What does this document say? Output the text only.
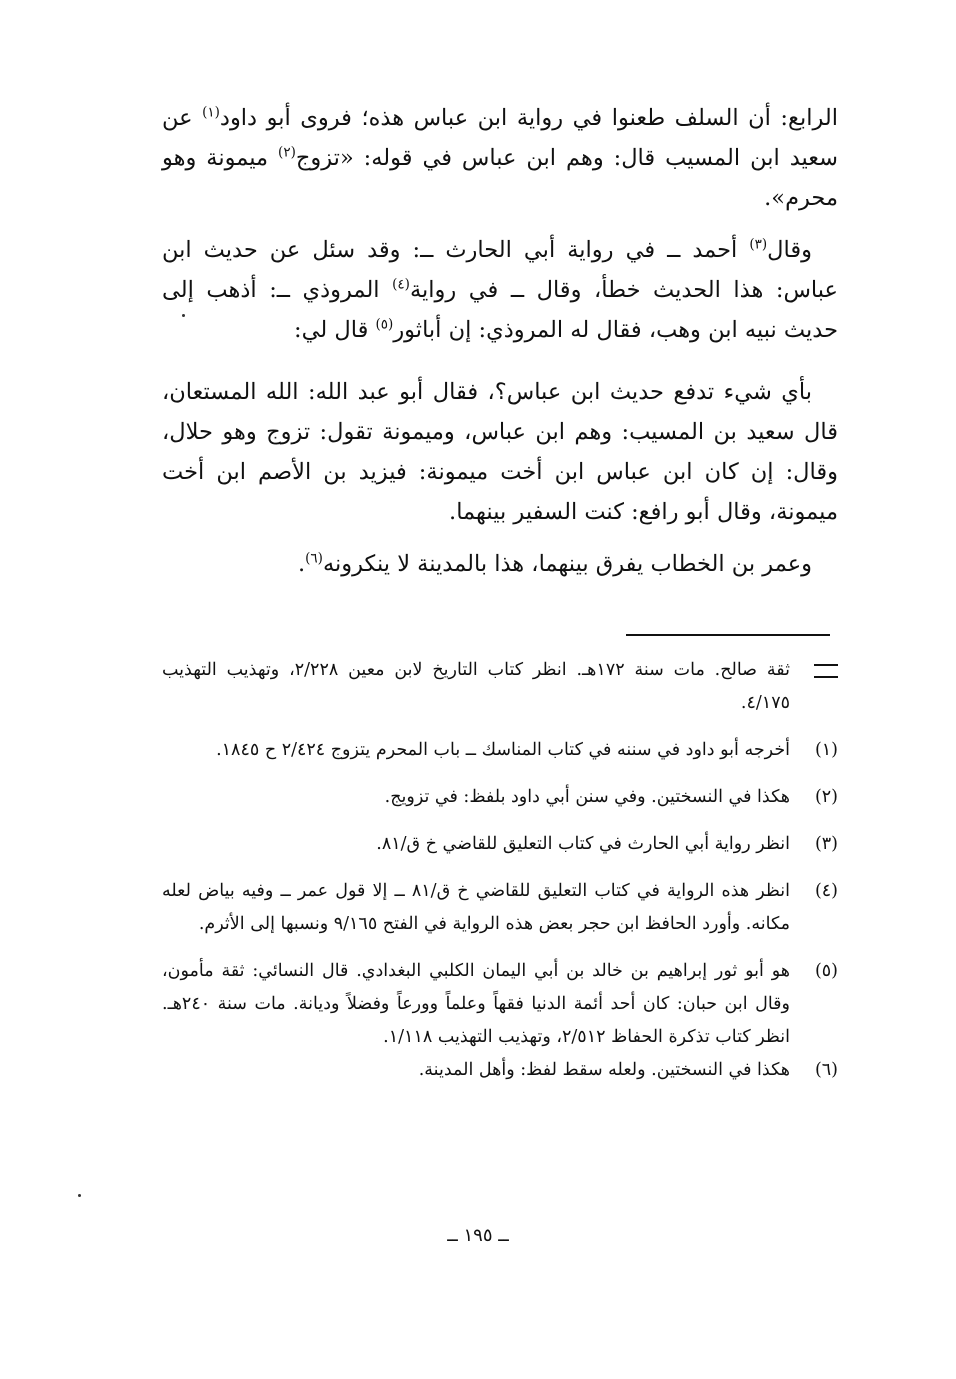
الرابع: أن السلف طعنوا في رواية ابن عباس هذه؛ فروى أبو داود$^{(١)}$ عن سعيد ابن المسيب قال: وهم ابن عباس في قوله: «تزوج$^{(٢)}$ ميمونة وهو محرم».

وقال$^{(٣)}$ أحمد ــ في رواية أبي الحارث ــ: وقد سئل عن حديث ابن عباس: هذا الحديث خطأ، وقال ــ في رواية$^{(٤)}$ المروذي ــ: أذهب إلى حديث نبيه ابن وهب، فقال له المروذي: إن أباثور$^{(٥)}$ قال لي:

بأي شيء تدفع حديث ابن عباس؟، فقال أبو عبد الله: الله المستعان، قال سعيد بن المسيب: وهم ابن عباس، وميمونة تقول: تزوج وهو حلال، وقال: إن كان ابن عباس ابن أخت ميمونة: فيزيد بن الأصم ابن أخت ميمونة، وقال أبو رافع: كنت السفير بينهما.

وعمر بن الخطاب يفرق بينهما، هذا بالمدينة لا ينكرونه$^{(٦)}$.

ثقة صالح. مات سنة ١٧٢هـ. انظر كتاب التاريخ لابن معين ٢/٢٢٨، وتهذيب التهذيب ٤/١٧٥.
(١)
أخرجه أبو داود في سننه في كتاب المناسك ــ باب المحرم يتزوج ٢/٤٢٤ ح ١٨٤٥.
(٢)
هكذا في النسختين. وفي سنن أبي داود بلفظ: في تزويج.
(٣)
انظر رواية أبي الحارث في كتاب التعليق للقاضي خ ق/٨١.
(٤)
انظر هذه الرواية في كتاب التعليق للقاضي خ ق/٨١ ــ إلا قول عمر ــ وفيه بياض لعله مكانه. وأورد الحافظ ابن حجر بعض هذه الرواية في الفتح ٩/١٦٥ ونسبها إلى الأثرم.
(٥)
هو أبو ثور إبراهيم بن خالد بن أبي اليمان الكلبي البغدادي. قال النسائي: ثقة مأمون، وقال ابن حبان: كان أحد أئمة الدنيا فقهاً وعلماً وورعاً وفضلاً وديانة. مات سنة ٢٤٠هـ. انظر كتاب تذكرة الحفاظ ٢/٥١٢، وتهذيب التهذيب ١/١١٨.
(٦)
هكذا في النسختين. ولعله سقط لفظ: وأهل المدينة.
ــ ١٩٥ ــ
